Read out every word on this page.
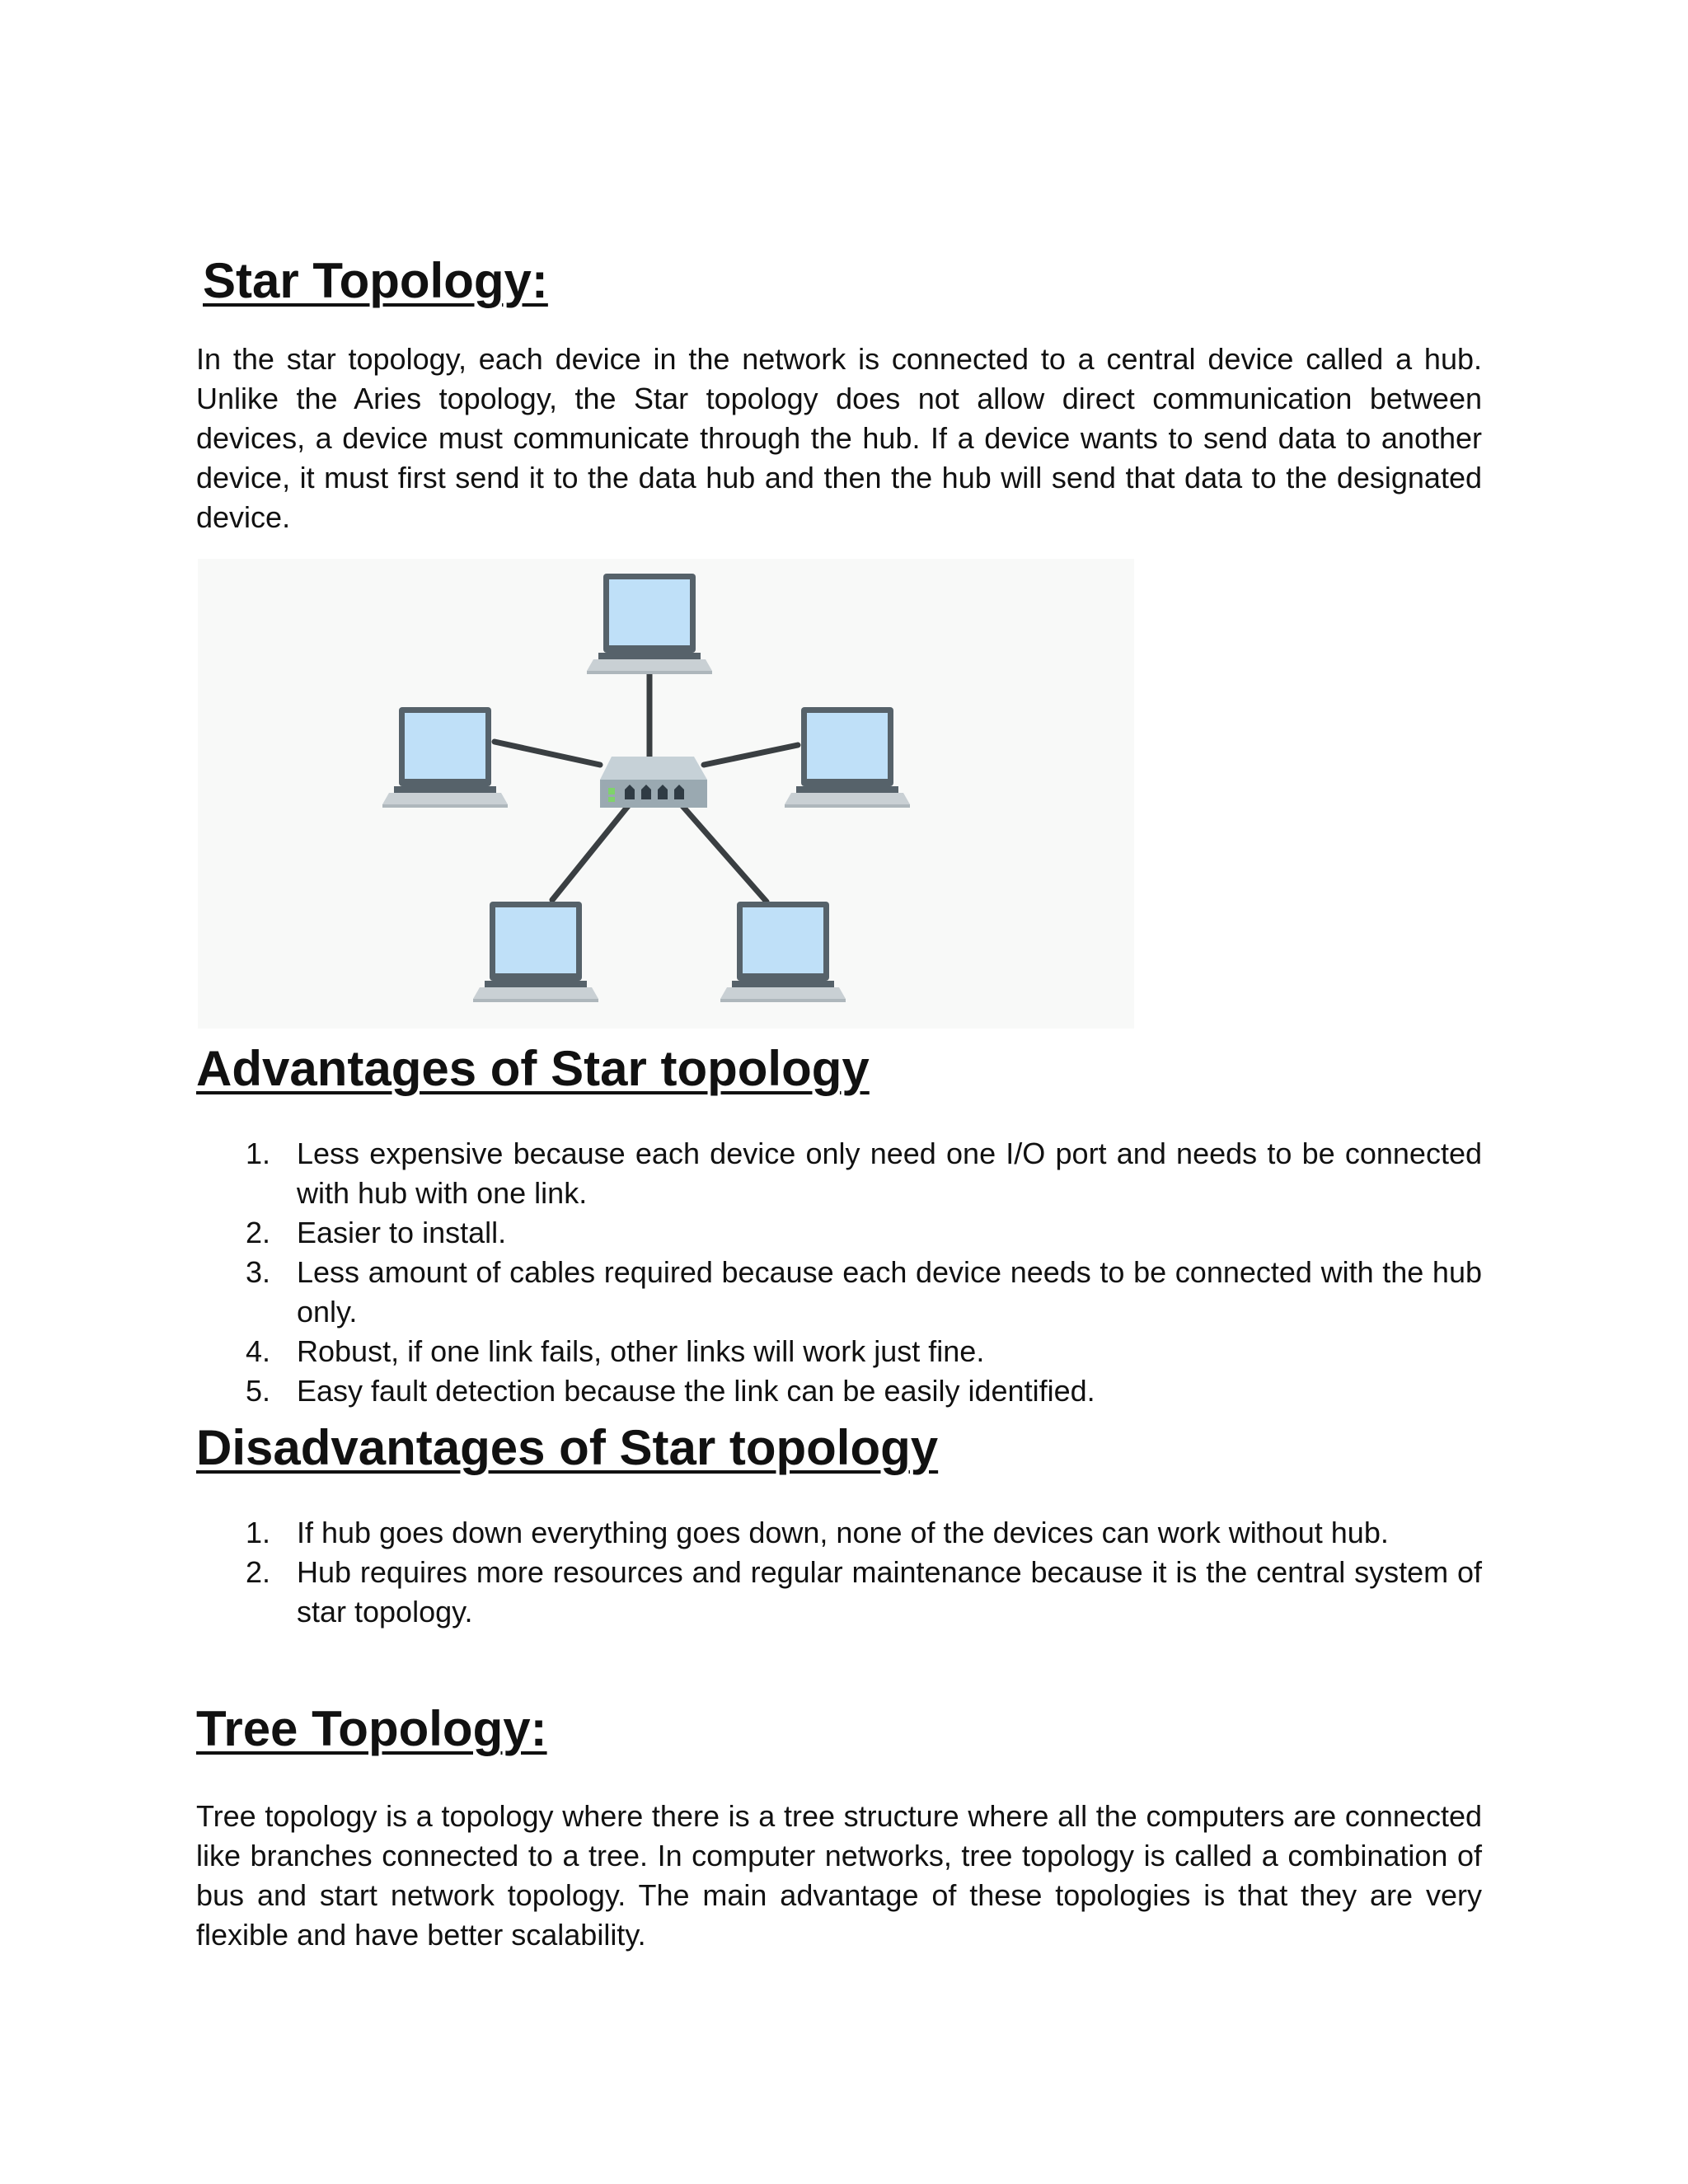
Star Topology:

In the star topology, each device in the network is connected to a central device called a hub. Unlike the Aries topology, the Star topology does not allow direct communication between devices, a device must communicate through the hub. If a device wants to send data to another device, it must first send it to the data hub and then the hub will send that data to the designated device.

Advantages of Star topology
1. Less expensive because each device only need one I/O port and needs to be connected with hub with one link.
2. Easier to install.
3. Less amount of cables required because each device needs to be connected with the hub only.
4. Robust, if one link fails, other links will work just fine.
5. Easy fault detection because the link can be easily identified.
Disadvantages of Star topology
1. If hub goes down everything goes down, none of the devices can work without hub.
2. Hub requires more resources and regular maintenance because it is the central system of star topology.
Tree Topology:

Tree topology is a topology where there is a tree structure where all the computers are connected like branches connected to a tree. In computer networks, tree topology is called a combination of bus and start network topology. The main advantage of these topologies is that they are very flexible and have better scalability.
